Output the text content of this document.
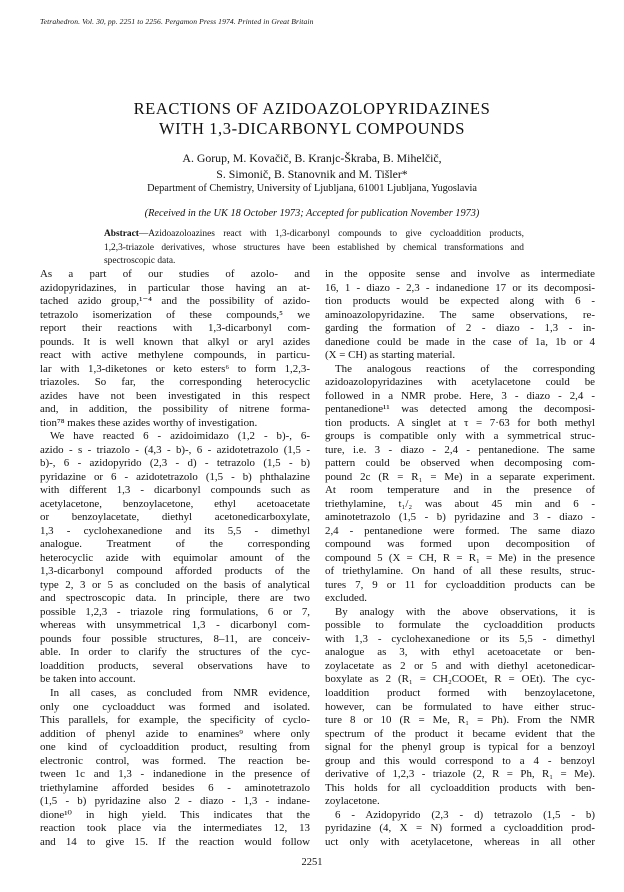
Tetrahedron. Vol. 30, pp. 2251 to 2256. Pergamon Press 1974. Printed in Great Britain
REACTIONS OF AZIDOAZOLOPYRIDAZINES
WITH 1,3-DICARBONYL COMPOUNDS
A. Gorup, M. Kovačič, B. Kranjc-Škraba, B. Mihelčič,
S. Simonič, B. Stanovnik and M. Tišler*
Department of Chemistry, University of Ljubljana, 61001 Ljubljana, Yugoslavia
(Received in the UK 18 October 1973; Accepted for publication November 1973)
Abstract—Azidoazoloazines react with 1,3-dicarbonyl compounds to give cycloaddition products,
1,2,3-triazole derivatives, whose structures have been established by chemical transformations and
spectroscopic data.
As a part of our studies of azolo- and
azidopyridazines, in particular those having an at-
tached azido group,¹⁻⁴ and the possibility of azido-
tetrazolo isomerization of these compounds,⁵ we
report their reactions with 1,3-dicarbonyl com-
pounds. It is well known that alkyl or aryl azides
react with active methylene compounds, in particu-
lar with 1,3-diketones or keto esters⁶ to form 1,2,3-
triazoles. So far, the corresponding heterocyclic
azides have not been investigated in this respect
and, in addition, the possibility of nitrene forma-
tion⁷⁸ makes these azides worthy of investigation.
We have reacted 6 - azidoimidazo (1,2 - b)-, 6-
azido - s - triazolo - (4,3 - b)-, 6 - azidotetrazolo (1,5 -
b)-, 6 - azidopyrido (2,3 - d) - tetrazolo (1,5 - b)
pyridazine or 6 - azidotetrazolo (1,5 - b) phthalazine
with different 1,3 - dicarbonyl compounds such as
acetylacetone, benzoylacetone, ethyl acetoacetate
or benzoylacetate, diethyl acetonedicarboxylate,
1,3 - cyclohexanedione and its 5,5 - dimethyl
analogue. Treatment of the corresponding
heterocyclic azide with equimolar amount of the
1,3-dicarbonyl compound afforded products of the
type 2, 3 or 5 as concluded on the basis of analytical
and spectroscopic data. In principle, there are two
possible 1,2,3 - triazole ring formulations, 6 or 7,
whereas with unsymmetrical 1,3 - dicarbonyl com-
pounds four possible structures, 8–11, are conceiv-
able. In order to clarify the structures of the cyc-
loaddition products, several observations have to
be taken into account.
In all cases, as concluded from NMR evidence,
only one cycloadduct was formed and isolated.
This parallels, for example, the specificity of cyclo-
addition of phenyl azide to enamines⁹ where only
one kind of cycloaddition product, resulting from
electronic control, was formed. The reaction be-
tween 1c and 1,3 - indanedione in the presence of
triethylamine afforded besides 6 - aminotetrazolo
(1,5 - b) pyridazine also 2 - diazo - 1,3 - indane-
dione¹⁰ in high yield. This indicates that the
reaction took place via the intermediates 12, 13
and 14 to give 15. If the reaction would follow
in the opposite sense and involve as intermediate
16, 1 - diazo - 2,3 - indanedione 17 or its decomposi-
tion products would be expected along with 6 -
aminoazolopyridazine. The same observations, re-
garding the formation of 2 - diazo - 1,3 - in-
danedione could be made in the case of 1a, 1b or 4
(X = CH) as starting material.
The analogous reactions of the corresponding
azidoazolopyridazines with acetylacetone could be
followed in a NMR probe. Here, 3 - diazo - 2,4 -
pentanedione¹¹ was detected among the decomposi-
tion products. A singlet at τ = 7·63 for both methyl
groups is compatible only with a symmetrical struc-
ture, i.e. 3 - diazo - 2,4 - pentanedione. The same
pattern could be observed when decomposing com-
pound 2c (R = R₁ = Me) in a separate experiment.
At room temperature and in the presence of
triethylamine, t₁/₂ was about 45 min and 6 -
aminotetrazolo (1,5 - b) pyridazine and 3 - diazo -
2,4 - pentanedione were formed. The same diazo
compound was formed upon decomposition of
compound 5 (X = CH, R = R₁ = Me) in the presence
of triethylamine. On hand of all these results, struc-
tures 7, 9 or 11 for cycloaddition products can be
excluded.
By analogy with the above observations, it is
possible to formulate the cycloaddition products
with 1,3 - cyclohexanedione or its 5,5 - dimethyl
analogue as 3, with ethyl acetoacetate or ben-
zoylacetate as 2 or 5 and with diethyl acetonedicar-
boxylate as 2 (R₁ = CH₂COOEt, R = OEt). The cyc-
loaddition product formed with benzoylacetone,
however, can be formulated to have either struc-
ture 8 or 10 (R = Me, R₁ = Ph). From the NMR
spectrum of the product it became evident that the
signal for the phenyl group is typical for a benzoyl
group and this would correspond to a 4 - benzoyl
derivative of 1,2,3 - triazole (2, R = Ph, R₁ = Me).
This holds for all cycloaddition products with ben-
zoylacetone.
6 - Azidopyrido (2,3 - d) tetrazolo (1,5 - b)
pyridazine (4, X = N) formed a cycloaddition prod-
uct only with acetylacetone, whereas in all other
2251
